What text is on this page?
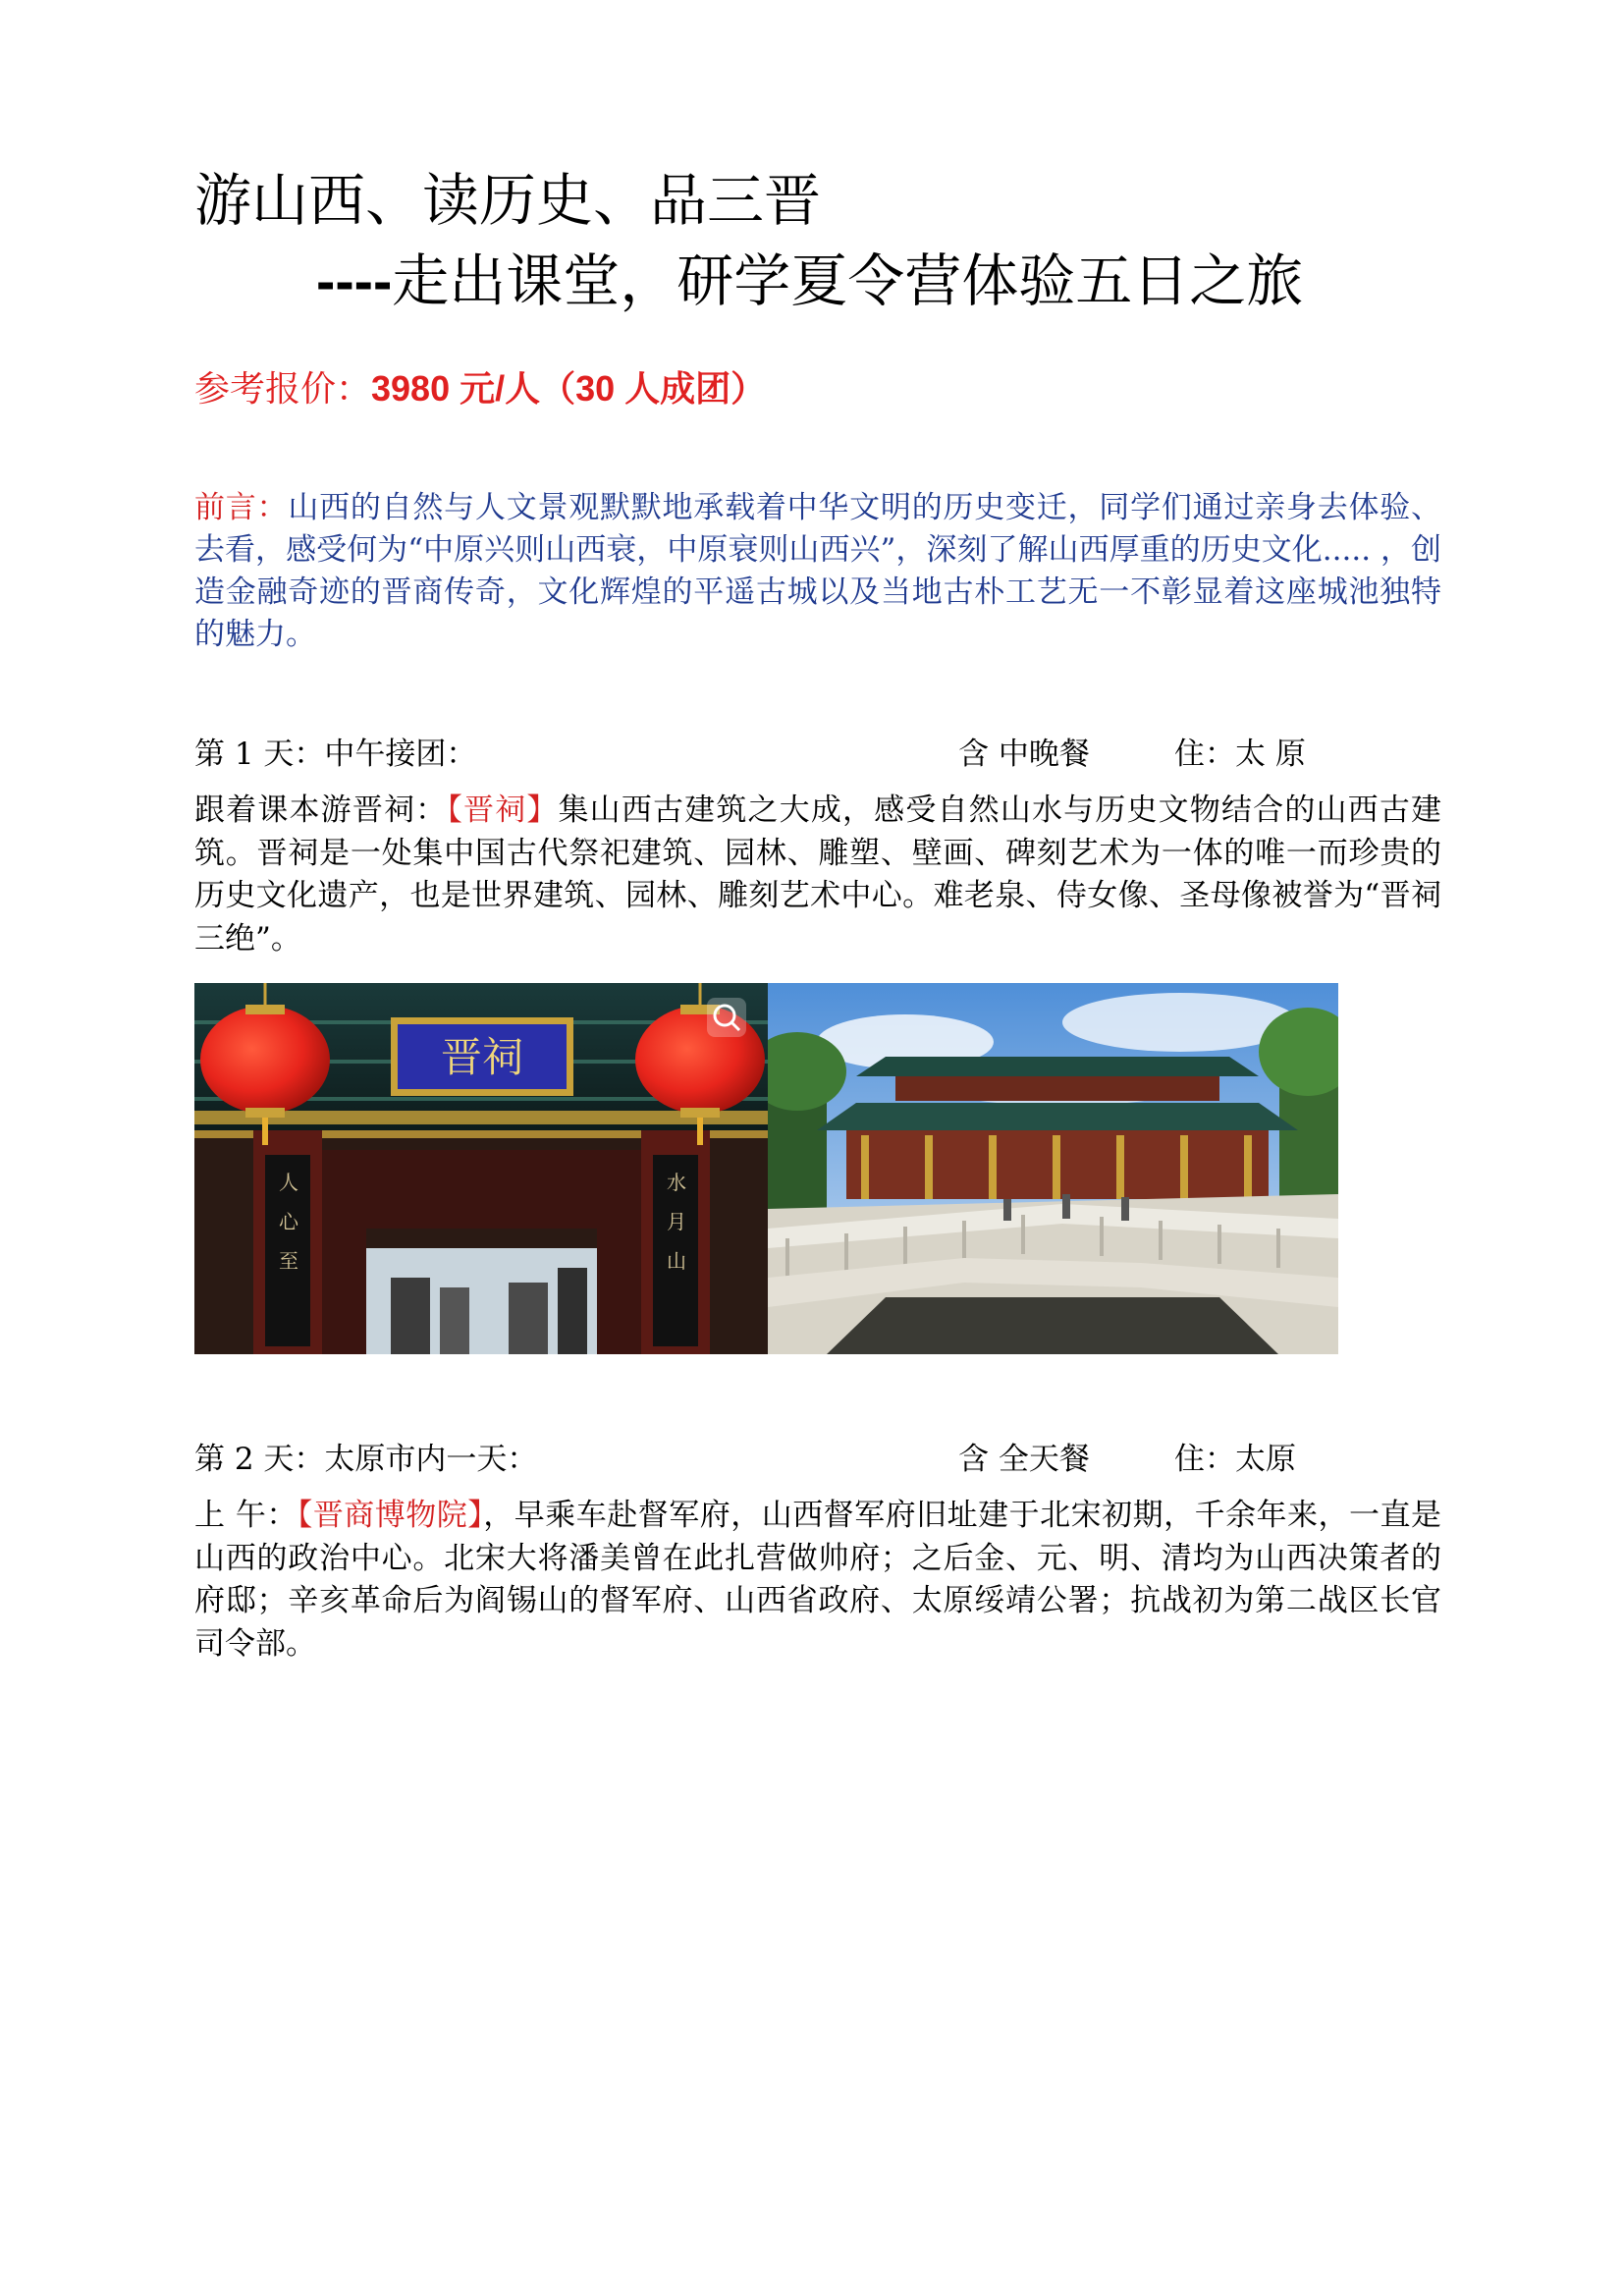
游山西、读历史、品三晋
----走出课堂，研学夏令营体验五日之旅
参考报价：3980 元/人（30 人成团）
前言：山西的自然与人文景观默默地承载着中华文明的历史变迁，同学们通过亲身去体验、去看，感受何为“中原兴则山西衰，中原衰则山西兴”，深刻了解山西厚重的历史文化..... ，创造金融奇迹的晋商传奇，文化辉煌的平遥古城以及当地古朴工艺无一不彰显着这座城池独特的魅力。
第 1 天：中午接团：	含 中晚餐	住：太 原
跟着课本游晋祠：【晋祠】集山西古建筑之大成，感受自然山水与历史文物结合的山西古建筑。晋祠是一处集中国古代祭祀建筑、园林、雕塑、壁画、碑刻艺术为一体的唯一而珍贵的历史文化遗产，也是世界建筑、园林、雕刻艺术中心。难老泉、侍女像、圣母像被誉为“晋祠三绝”。
⼈
⼼
⾄
⽔
⽉
⼭
晋祠
第 2 天：太原市内一天：	含 全天餐	住：太原
上 午：【晋商博物院】，早乘车赴督军府，山西督军府旧址建于北宋初期，千余年来，一直是山西的政治中心。北宋大将潘美曾在此扎营做帅府；之后金、元、明、清均为山西决策者的府邸；辛亥革命后为阎锡山的督军府、山西省政府、太原绥靖公署；抗战初为第二战区长官司令部。
